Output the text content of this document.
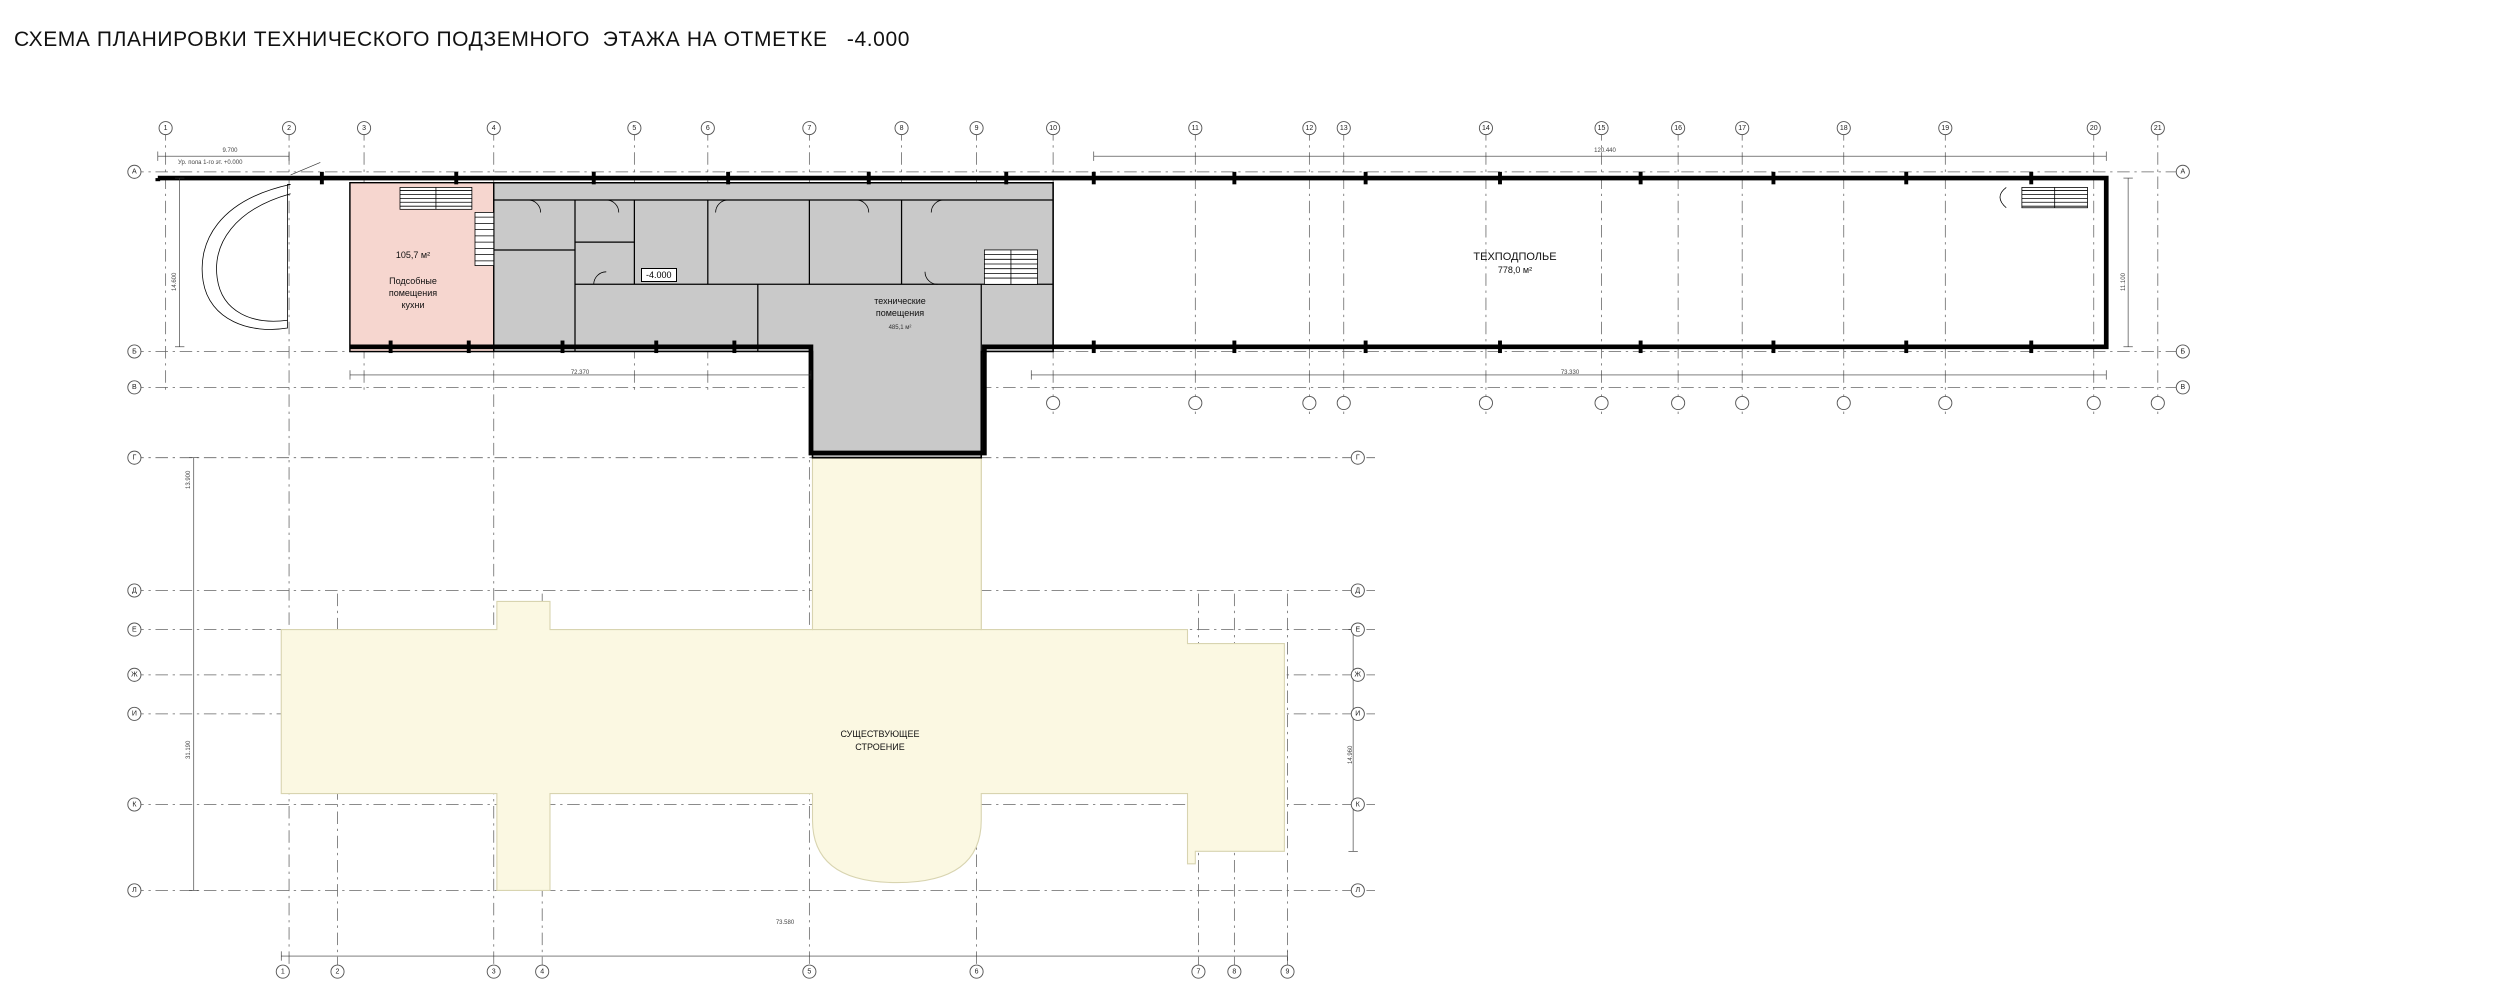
СХЕМА ПЛАНИРОВКИ ТЕХНИЧЕСКОГО ПОДЗЕМНОГО  ЭТАЖА НА ОТМЕТКЕ   -4.000
1	2	3	4	5	6	7	8	9	10	11	12	13	14	15	16	17	18	19	20	21
А
Б
В
Г
Д
Е
Ж
И
К
Л
А
Б
В
Г
Д
Е
Ж
И
К
Л
1	2	3	4	5	6	7	8	9
105,7 м²
Подсобные
помещения
кухни	технические
помещения
485,1 м²
ТЕХПОДПОЛЬЕ
778,0 м²
СУЩЕСТВУЮЩЕЕ
СТРОЕНИЕ
-4.000
Ур. пола 1-го эт. +0.000
9.700	120.440
72.370	73.330
73.580
14.600	11.100
31.190	14.960
13.900
